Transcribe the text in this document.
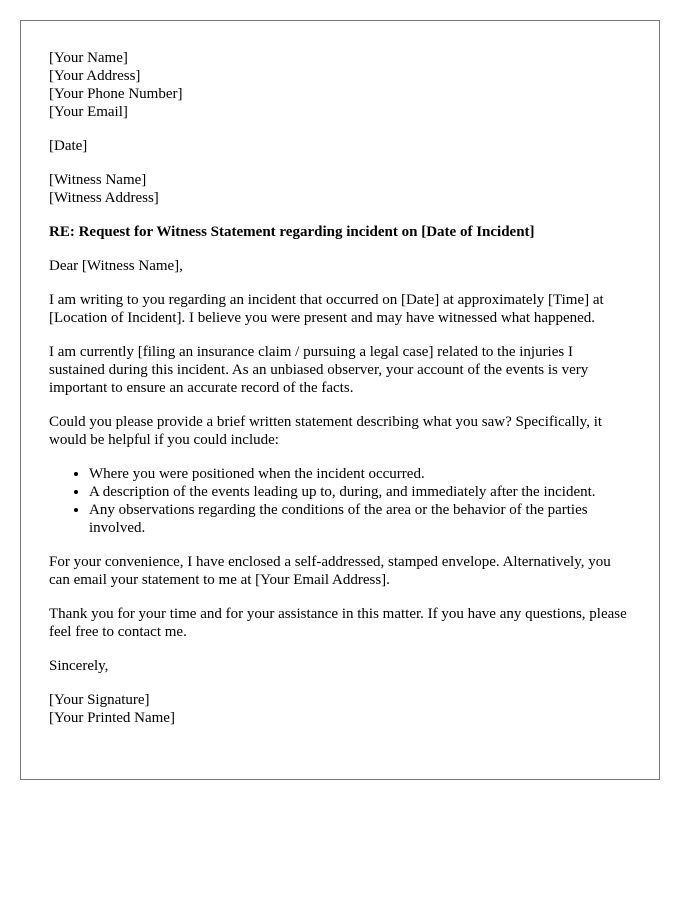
[Your Name]
[Your Address]
[Your Phone Number]
[Your Email]
[Date]
[Witness Name]
[Witness Address]

RE: Request for Witness Statement regarding incident on [Date of Incident]

Dear [Witness Name],

I am writing to you regarding an incident that occurred on [Date] at approximately [Time] at [Location of Incident]. I believe you were present and may have witnessed what happened.

I am currently [filing an insurance claim / pursuing a legal case] related to the injuries I sustained during this incident. As an unbiased observer, your account of the events is very important to ensure an accurate record of the facts.

Could you please provide a brief written statement describing what you saw? Specifically, it would be helpful if you could include:

• Where you were positioned when the incident occurred.
• A description of the events leading up to, during, and immediately after the incident.
• Any observations regarding the conditions of the area or the behavior of the parties involved.

For your convenience, I have enclosed a self-addressed, stamped envelope. Alternatively, you can email your statement to me at [Your Email Address].

Thank you for your time and for your assistance in this matter. If you have any questions, please feel free to contact me.

Sincerely,

[Your Signature]
[Your Printed Name]
